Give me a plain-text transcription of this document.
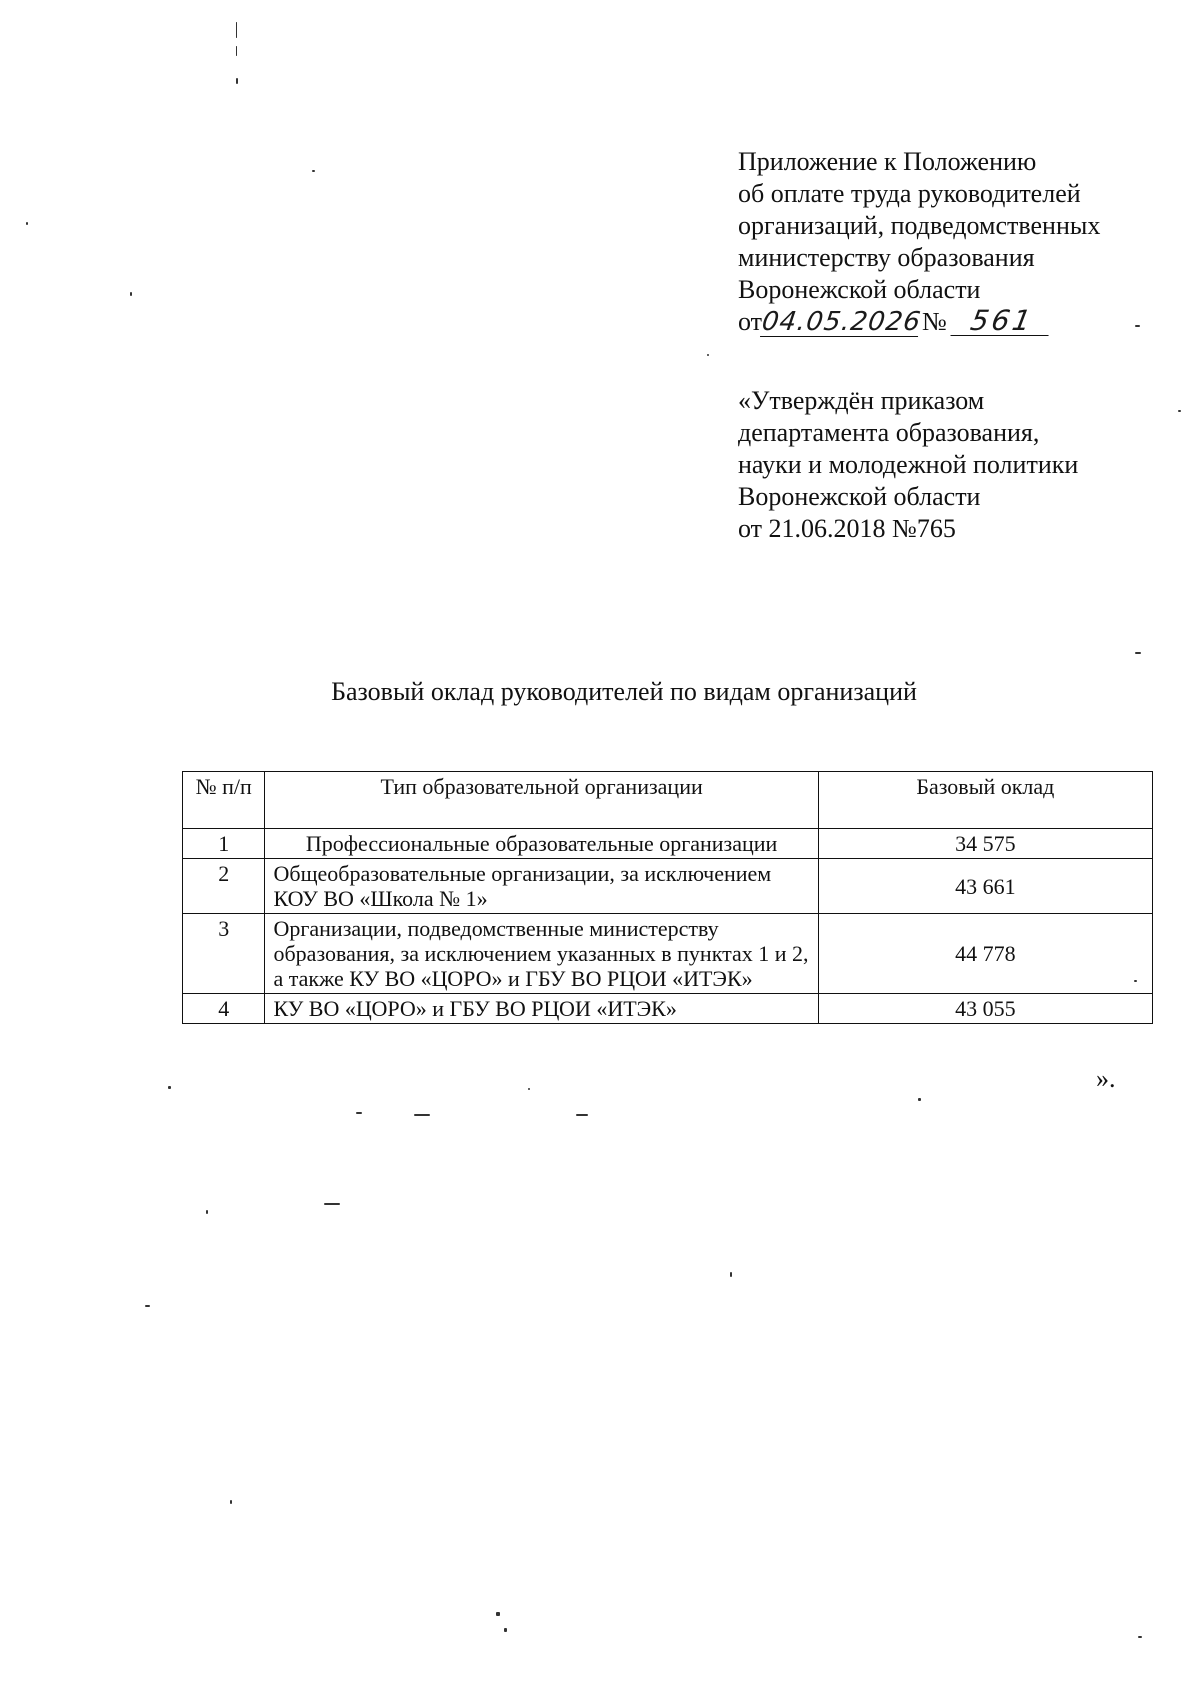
Приложение к Положению
об оплате труда руководителей
организаций, подведомственных
министерству образования
Воронежской области
от04.05.2026№ 561
«Утверждён приказом
департамента образования,
науки и молодежной политики
Воронежской области
от 21.06.2018 №765
Базовый оклад руководителей по видам организаций
№ п/п	Тип образовательной организации	Базовый оклад
1	Профессиональные образовательные организации	34 575
2	Общеобразовательные организации, за исключением КОУ ВО «Школа № 1»	43 661
3	Организации, подведомственные министерству образования, за исключением указанных в пунктах 1 и 2, а также КУ ВО «ЦОРО» и ГБУ ВО РЦОИ «ИТЭК»	44 778
4	КУ ВО «ЦОРО» и ГБУ ВО РЦОИ «ИТЭК»	43 055
».
